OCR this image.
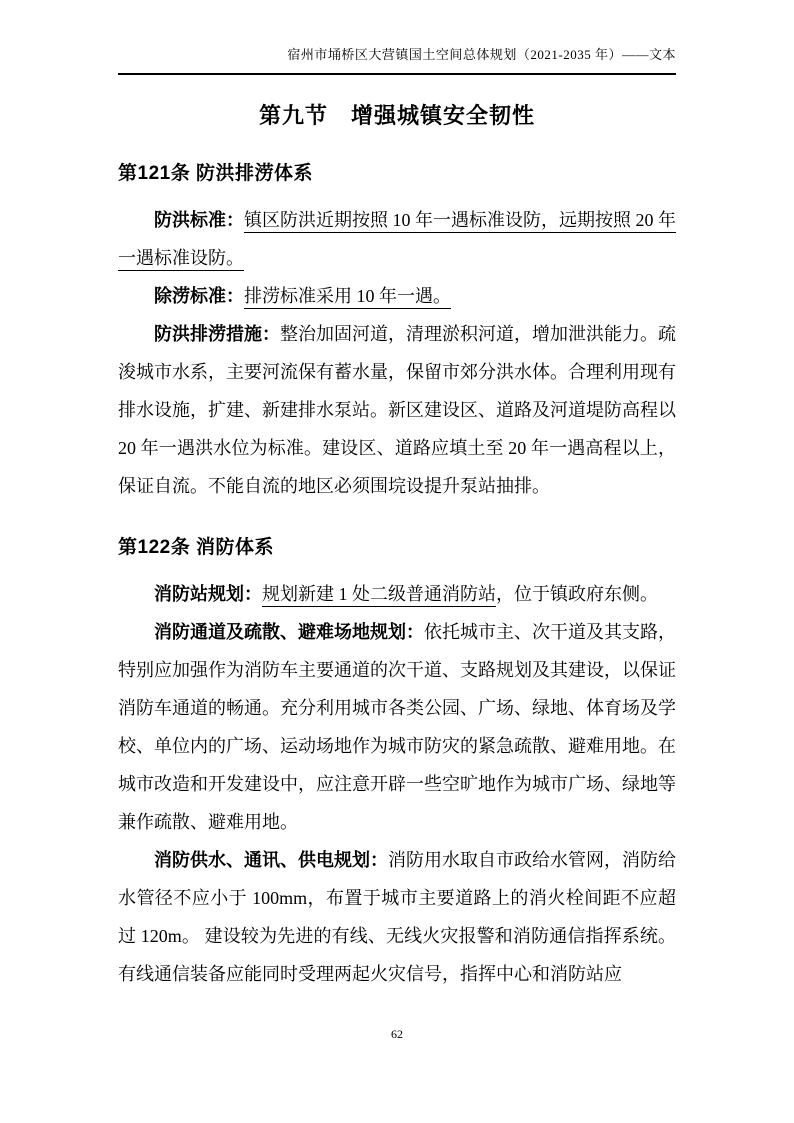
宿州市埇桥区大营镇国土空间总体规划（2021-2035 年）——文本
第九节　增强城镇安全韧性
第121条 防洪排涝体系

防洪标准：镇区防洪近期按照 10 年一遇标准设防，远期按照 20 年一遇标准设防。

除涝标准：排涝标准采用 10 年一遇。

防洪排涝措施：整治加固河道，清理淤积河道，增加泄洪能力。疏浚城市水系，主要河流保有蓄水量，保留市郊分洪水体。合理利用现有排水设施，扩建、新建排水泵站。新区建设区、道路及河道堤防高程以 20 年一遇洪水位为标准。建设区、道路应填土至 20 年一遇高程以上，保证自流。不能自流的地区必须围垸设提升泵站抽排。

第122条 消防体系

消防站规划：规划新建 1 处二级普通消防站，位于镇政府东侧。

消防通道及疏散、避难场地规划：依托城市主、次干道及其支路，特别应加强作为消防车主要通道的次干道、支路规划及其建设，以保证消防车通道的畅通。充分利用城市各类公园、广场、绿地、体育场及学校、单位内的广场、运动场地作为城市防灾的紧急疏散、避难用地。在城市改造和开发建设中，应注意开辟一些空旷地作为城市广场、绿地等兼作疏散、避难用地。

消防供水、通讯、供电规划：消防用水取自市政给水管网，消防给水管径不应小于 100mm，布置于城市主要道路上的消火栓间距不应超过 120m。 建设较为先进的有线、无线火灾报警和消防通信指挥系统。有线通信装备应能同时受理两起火灾信号，指挥中心和消防站应

62
